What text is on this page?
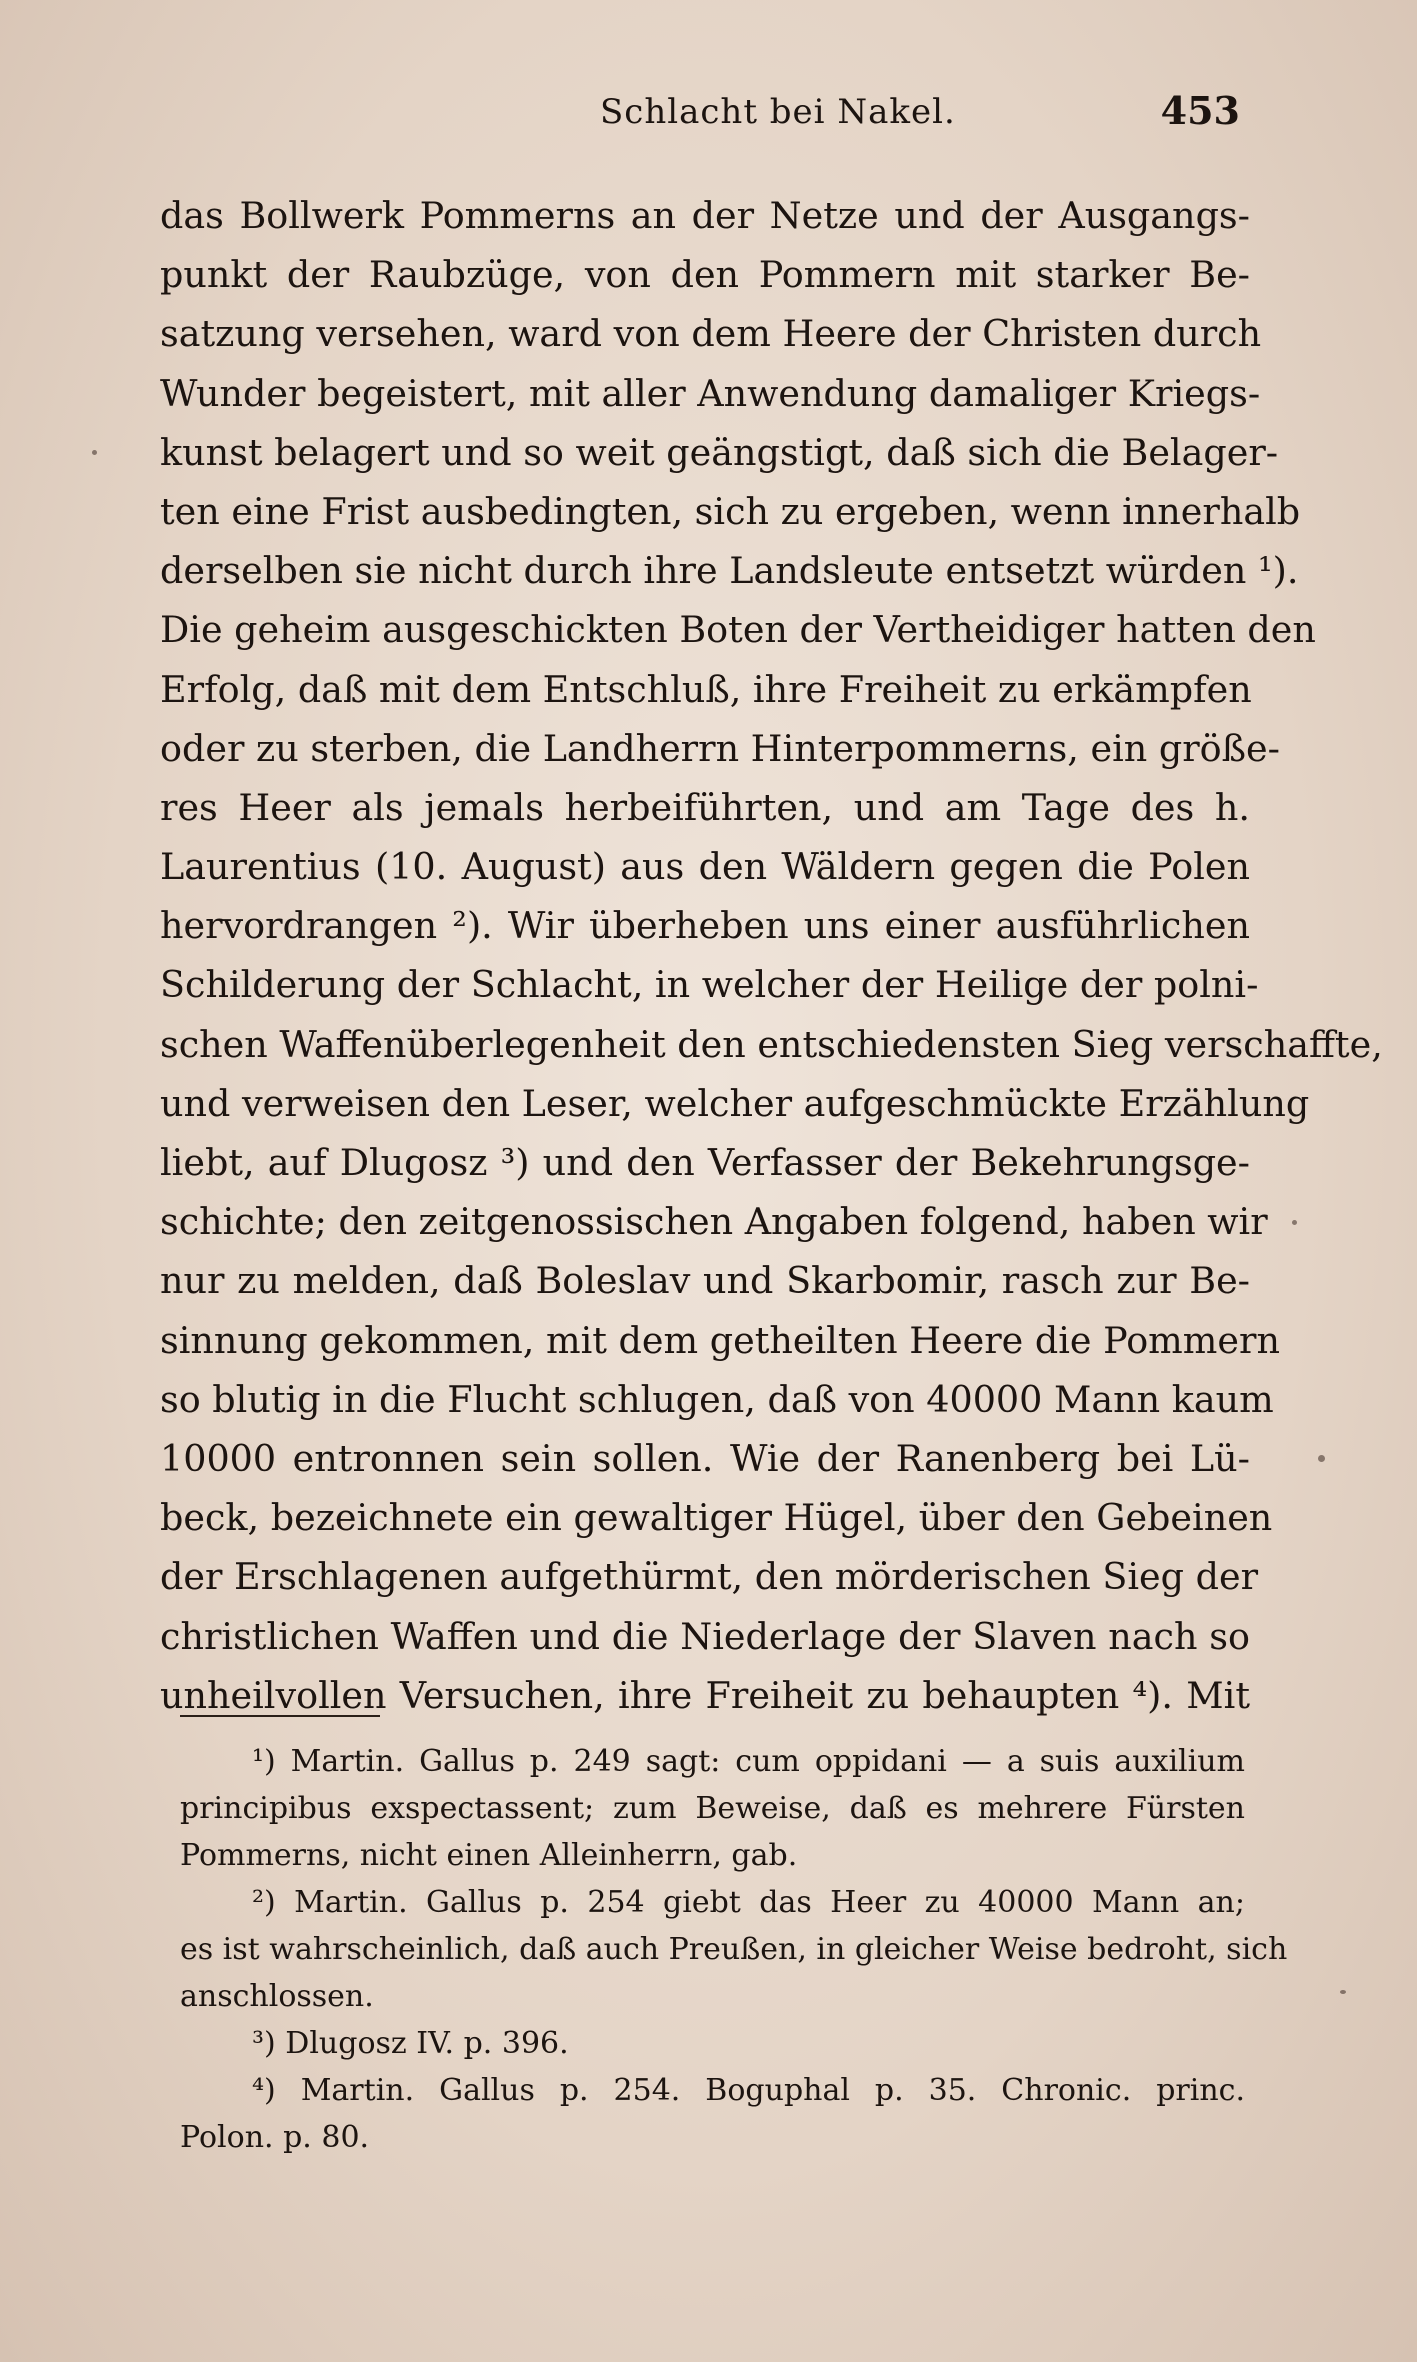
Schlacht bei Nakel.	453
das Bollwerk Pommerns an der Netze und der Ausgangs-
punkt der Raubzüge, von den Pommern mit starker Be-
satzung versehen, ward von dem Heere der Christen durch
Wunder begeistert, mit aller Anwendung damaliger Kriegs-
kunst belagert und so weit geängstigt, daß sich die Belager-
ten eine Frist ausbedingten, sich zu ergeben, wenn innerhalb
derselben sie nicht durch ihre Landsleute entsetzt würden ¹).
Die geheim ausgeschickten Boten der Vertheidiger hatten den
Erfolg, daß mit dem Entschluß, ihre Freiheit zu erkämpfen
oder zu sterben, die Landherrn Hinterpommerns, ein größe-
res Heer als jemals herbeiführten, und am Tage des h.
Laurentius (10. August) aus den Wäldern gegen die Polen
hervordrangen ²). Wir überheben uns einer ausführlichen
Schilderung der Schlacht, in welcher der Heilige der polni-
schen Waffenüberlegenheit den entschiedensten Sieg verschaffte,
und verweisen den Leser, welcher aufgeschmückte Erzählung
liebt, auf Dlugosz ³) und den Verfasser der Bekehrungsge-
schichte; den zeitgenossischen Angaben folgend, haben wir
nur zu melden, daß Boleslav und Skarbomir, rasch zur Be-
sinnung gekommen, mit dem getheilten Heere die Pommern
so blutig in die Flucht schlugen, daß von 40000 Mann kaum
10000 entronnen sein sollen. Wie der Ranenberg bei Lü-
beck, bezeichnete ein gewaltiger Hügel, über den Gebeinen
der Erschlagenen aufgethürmt, den mörderischen Sieg der
christlichen Waffen und die Niederlage der Slaven nach so
unheilvollen Versuchen, ihre Freiheit zu behaupten ⁴). Mit
¹) Martin. Gallus p. 249 sagt: cum oppidani — a suis auxilium
principibus exspectassent; zum Beweise, daß es mehrere Fürsten
Pommerns, nicht einen Alleinherrn, gab.
²) Martin. Gallus p. 254 giebt das Heer zu 40000 Mann an;
es ist wahrscheinlich, daß auch Preußen, in gleicher Weise bedroht, sich
anschlossen.
³) Dlugosz IV. p. 396.
⁴) Martin. Gallus p. 254. Boguphal p. 35. Chronic. princ.
Polon. p. 80.
